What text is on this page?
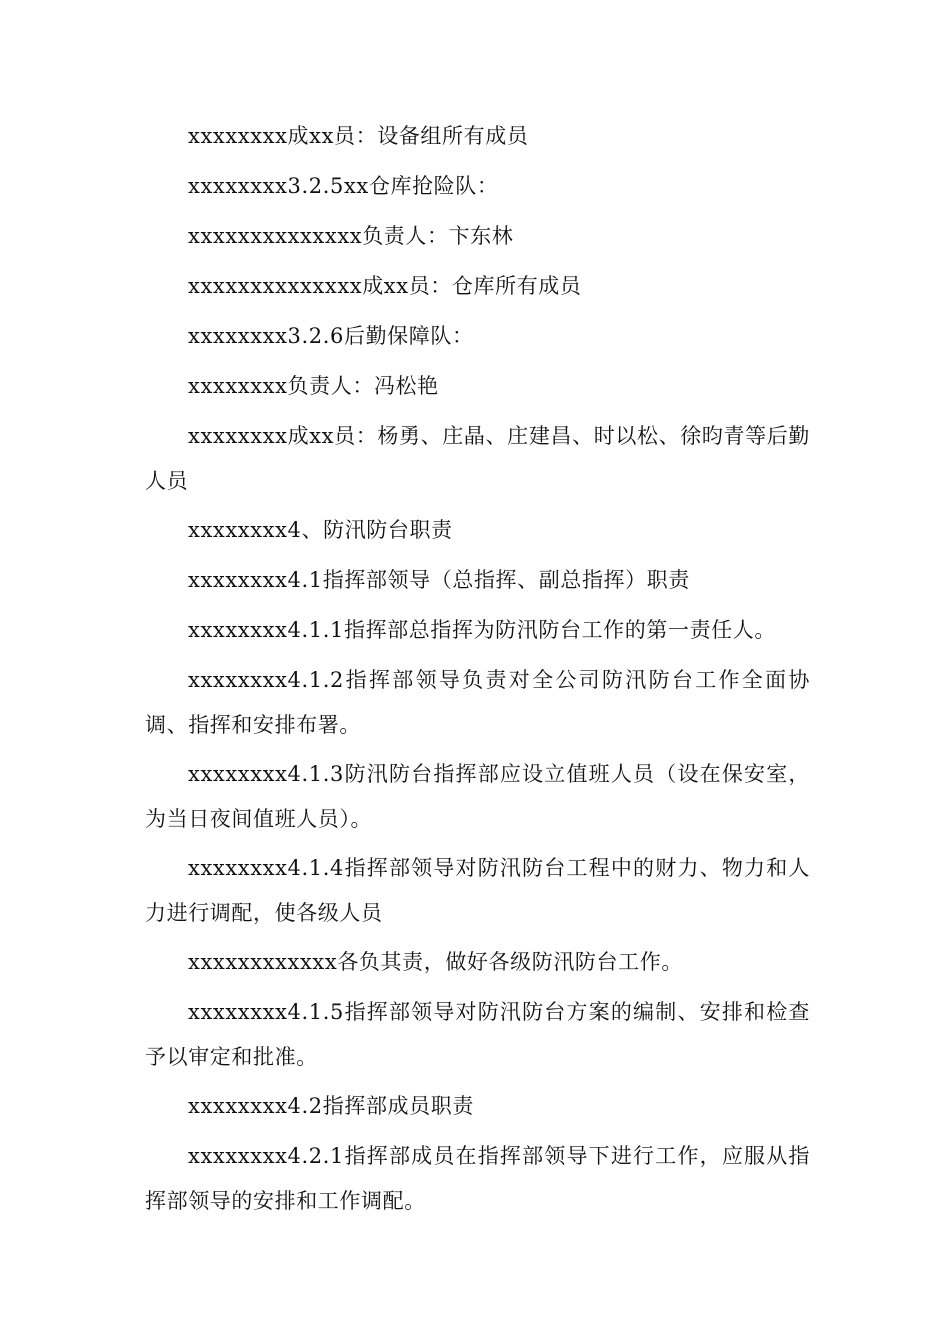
xxxxxxxx成xx员：设备组所有成员

xxxxxxxx3.2.5xx仓库抢险队：

xxxxxxxxxxxxxx负责人：卞东林

xxxxxxxxxxxxxx成xx员：仓库所有成员

xxxxxxxx3.2.6后勤保障队：

xxxxxxxx负责人：冯松艳

xxxxxxxx成xx员：杨勇、庄晶、庄建昌、时以松、徐昀青等后勤人员

xxxxxxxx4、防汛防台职责

xxxxxxxx4.1指挥部领导（总指挥、副总指挥）职责

xxxxxxxx4.1.1指挥部总指挥为防汛防台工作的第一责任人。

xxxxxxxx4.1.2指挥部领导负责对全公司防汛防台工作全面协调、指挥和安排布署。

xxxxxxxx4.1.3防汛防台指挥部应设立值班人员（设在保安室，为当日夜间值班人员）。

xxxxxxxx4.1.4指挥部领导对防汛防台工程中的财力、物力和人力进行调配，使各级人员

xxxxxxxxxxxx各负其责，做好各级防汛防台工作。

xxxxxxxx4.1.5指挥部领导对防汛防台方案的编制、安排和检查予以审定和批准。

xxxxxxxx4.2指挥部成员职责

xxxxxxxx4.2.1指挥部成员在指挥部领导下进行工作，应服从指挥部领导的安排和工作调配。
